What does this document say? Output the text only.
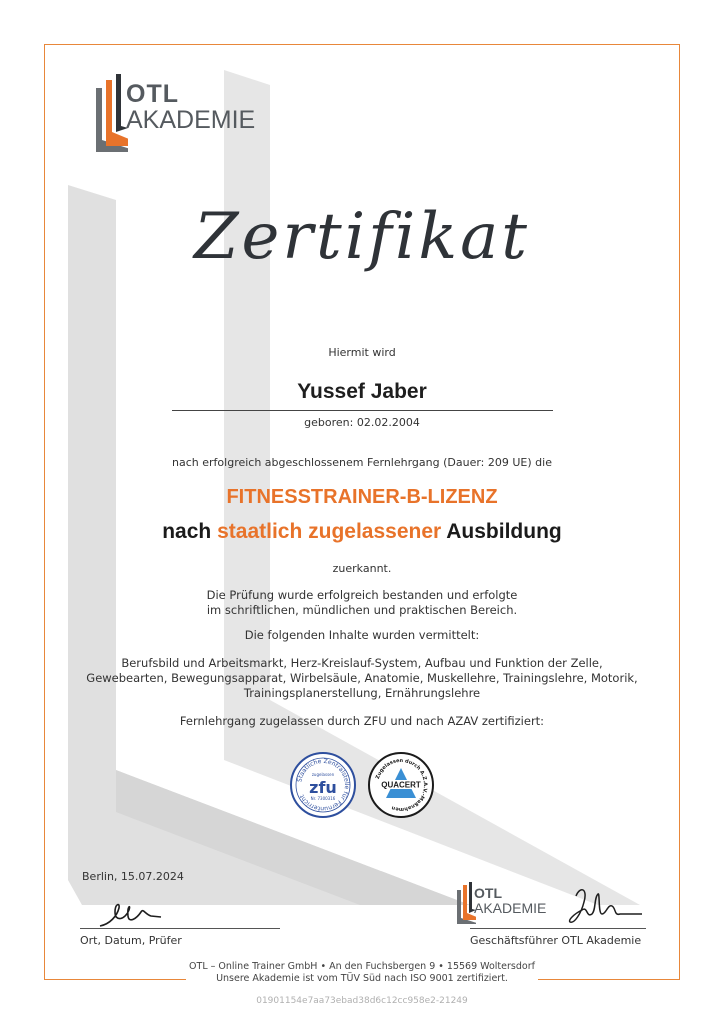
OTL
AKADEMIE
Zertifikat
Hiermit wird
Yussef Jaber
geboren: 02.02.2004
nach erfolgreich abgeschlossenem Fernlehrgang (Dauer: 209 UE) die
FITNESSTRAINER-B-LIZENZ
nach staatlich zugelassener Ausbildung
zuerkannt.
Die Prüfung wurde erfolgreich bestanden und erfolgte
im schriftlichen, mündlichen und praktischen Bereich.
Die folgenden Inhalte wurden vermittelt:
Berufsbild und Arbeitsmarkt, Herz-Kreislauf-System, Aufbau und Funktion der Zelle,
Gewebearten, Bewegungsapparat, Wirbelsäule, Anatomie, Muskellehre, Trainingslehre, Motorik,
Trainingsplanerstellung, Ernährungslehre
Fernlehrgang zugelassen durch ZFU und nach AZAV zertifiziert:
Staatliche Zentralstelle für Fernunterricht
zugelassen
zfu
Nr. 7300316
Zugelassen durch A.Z.A.V.-Maßnahmen
QUACERT
Berlin, 15.07.2024
Ort, Datum, Prüfer
OTL
AKADEMIE
Geschäftsführer OTL Akademie
OTL – Online Trainer GmbH • An den Fuchsbergen 9 • 15569 Woltersdorf
Unsere Akademie ist vom TÜV Süd nach ISO 9001 zertifiziert.
01901154e7aa73ebad38d6c12cc958e2-21249
